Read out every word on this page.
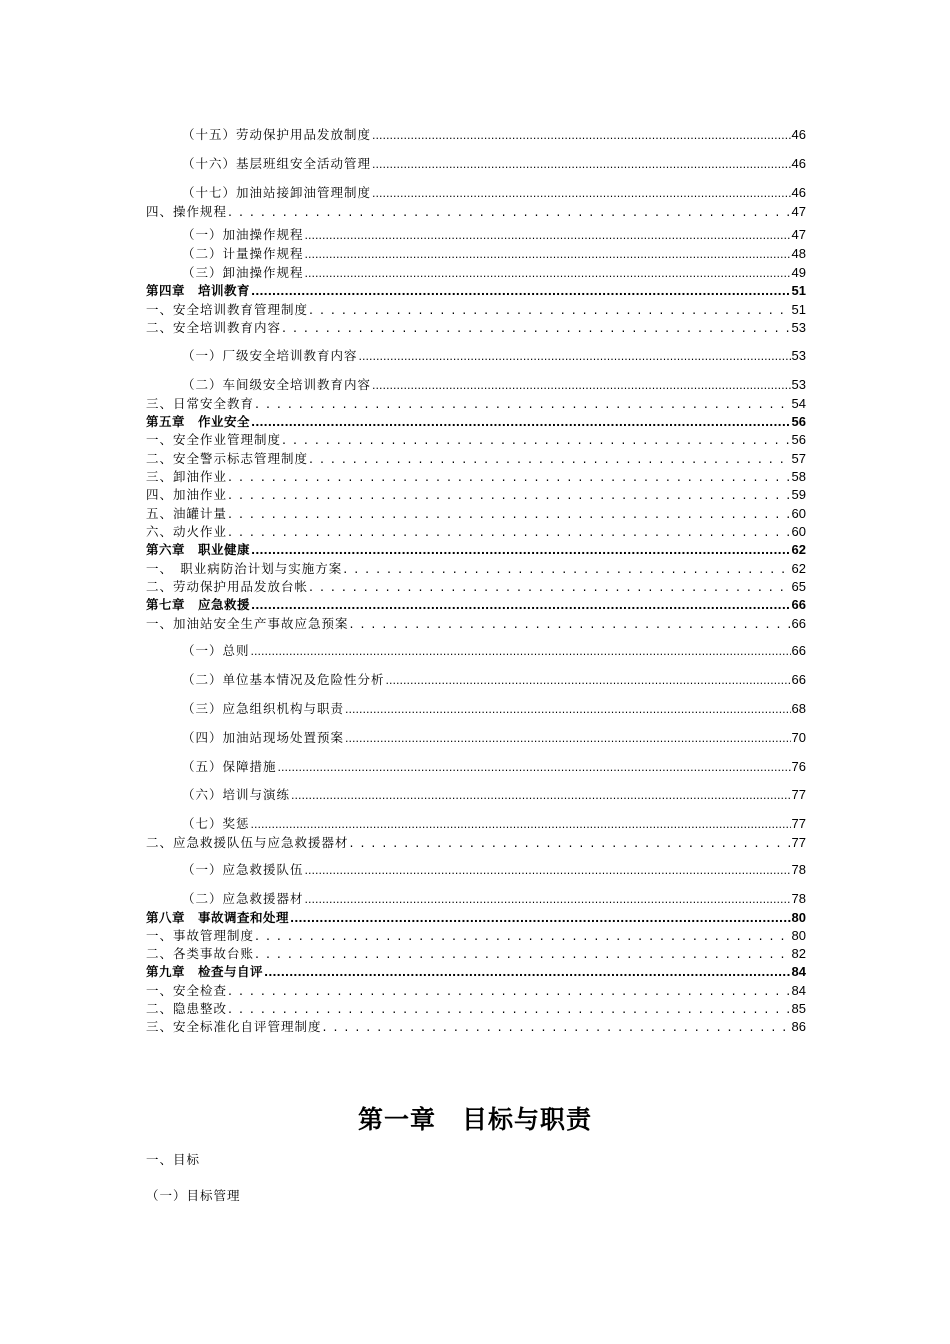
（十五）劳动保护用品发放制度 .....	46
（十六）基层班组安全活动管理 .....	46
（十七）加油站接卸油管理制度 .....	46
四、操作规程 . . .	47
（一）加油操作规程 .....	47
（二）计量操作规程 .....	48
（三）卸油操作规程 .....	49
第四章　培训教育 .....	51
一、安全培训教育管理制度 . . .	51
二、安全培训教育内容 . . .	53
（一）厂级安全培训教育内容 .....	53
（二）车间级安全培训教育内容 .....	53
三、日常安全教育 . . .	54
第五章　作业安全 .....	56
一、安全作业管理制度 . . .	56
二、安全警示标志管理制度 . . .	57
三、卸油作业 . . .	58
四、加油作业 . . .	59
五、油罐计量 . . .	60
六、动火作业 . . .	60
第六章　职业健康 .....	62
一、　职业病防治计划与实施方案 . . .	62
二、劳动保护用品发放台帐 . . .	65
第七章　应急救援 .....	66
一、加油站安全生产事故应急预案 . . .	66
（一）总则 .....	66
（二）单位基本情况及危险性分析 .....	66
（三）应急组织机构与职责 .....	68
（四）加油站现场处置预案 .....	70
（五）保障措施 .....	76
（六）培训与演练 .....	77
（七）奖惩 .....	77
二、应急救援队伍与应急救援器材 . . .	77
（一）应急救援队伍 .....	78
（二）应急救援器材 .....	78
第八章　事故调查和处理 .....	80
一、事故管理制度 . . .	80
二、各类事故台账 . . .	82
第九章　检查与自评 .....	84
一、安全检查 . . .	84
二、隐患整改 . . .	85
三、安全标准化自评管理制度 . . .	86
第一章　目标与职责
一、目标
（一）目标管理
